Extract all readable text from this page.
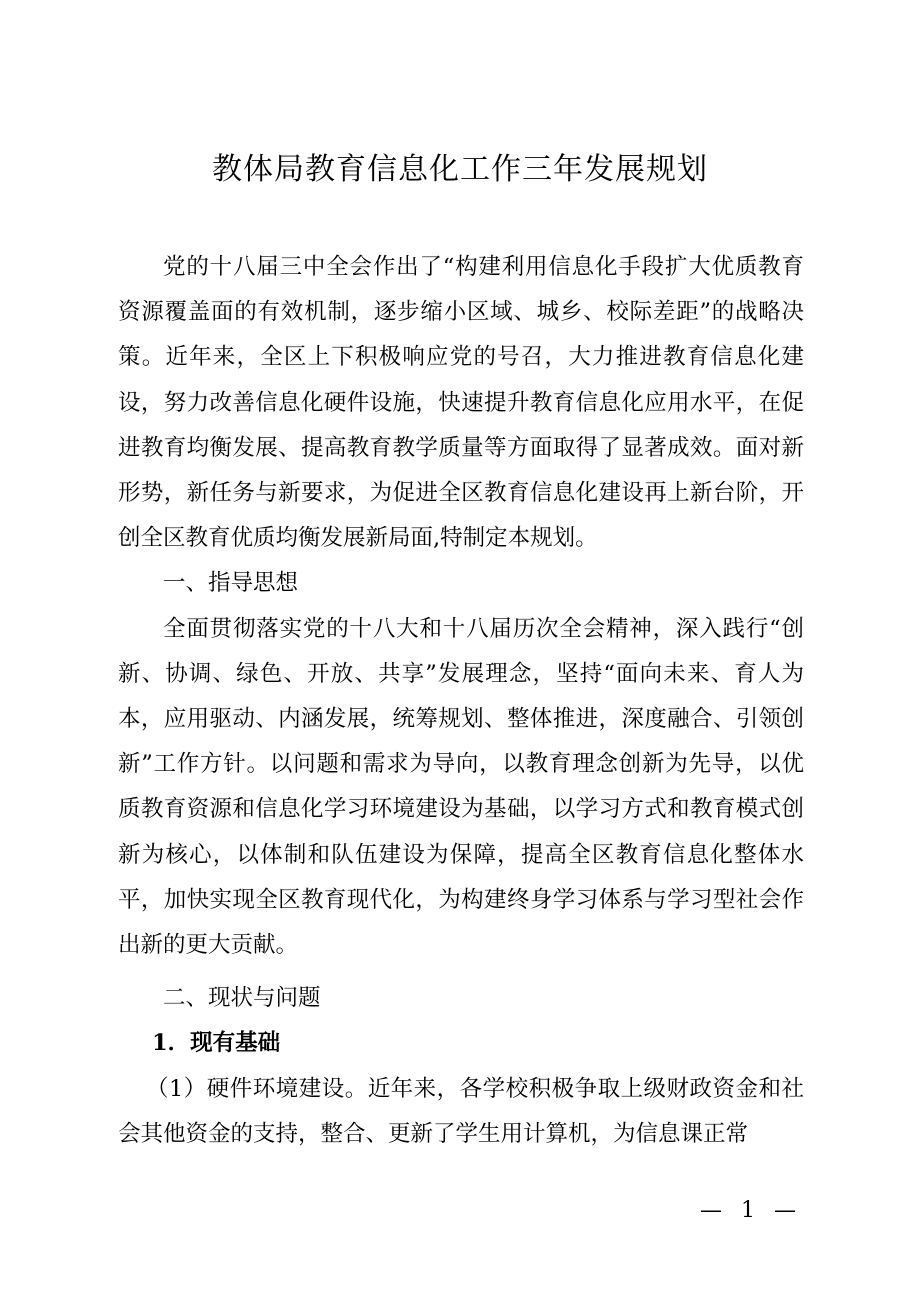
教体局教育信息化工作三年发展规划

党的十八届三中全会作出了“构建利用信息化手段扩大优质教育资源覆盖面的有效机制，逐步缩小区域、城乡、校际差距”的战略决策。近年来，全区上下积极响应党的号召，大力推进教育信息化建设，努力改善信息化硬件设施，快速提升教育信息化应用水平，在促进教育均衡发展、提高教育教学质量等方面取得了显著成效。面对新形势，新任务与新要求，为促进全区教育信息化建设再上新台阶，开创全区教育优质均衡发展新局面,特制定本规划。

一、指导思想

全面贯彻落实党的十八大和十八届历次全会精神，深入践行“创新、协调、绿色、开放、共享”发展理念，坚持“面向未来、育人为本，应用驱动、内涵发展，统筹规划、整体推进，深度融合、引领创新”工作方针。以问题和需求为导向，以教育理念创新为先导，以优质教育资源和信息化学习环境建设为基础，以学习方式和教育模式创新为核心，以体制和队伍建设为保障，提高全区教育信息化整体水平，加快实现全区教育现代化，为构建终身学习体系与学习型社会作出新的更大贡献。

二、现状与问题

1．现有基础

（1）硬件环境建设。近年来，各学校积极争取上级财政资金和社会其他资金的支持，整合、更新了学生用计算机，为信息课正常

— 1 —
